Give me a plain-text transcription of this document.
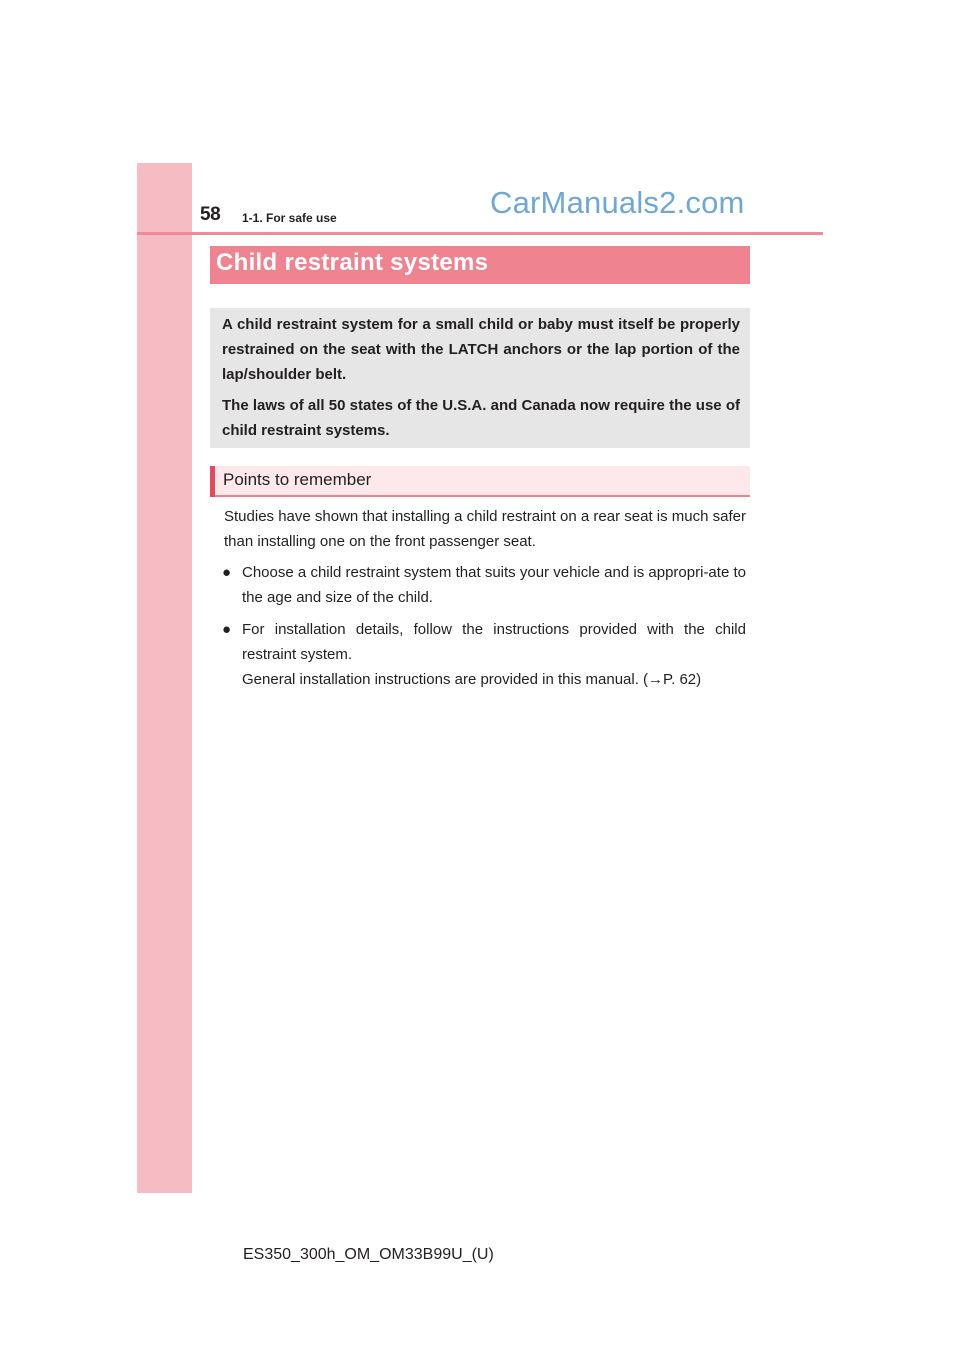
58 1-1. For safe use	CarManuals2.com
Child restraint systems
A child restraint system for a small child or baby must itself be properly restrained on the seat with the LATCH anchors or the lap portion of the lap/shoulder belt.
The laws of all 50 states of the U.S.A. and Canada now require the use of child restraint systems.
Points to remember
Studies have shown that installing a child restraint on a rear seat is much safer than installing one on the front passenger seat.
● Choose a child restraint system that suits your vehicle and is appropri-ate to the age and size of the child.
● For installation details, follow the instructions provided with the child restraint system.
General installation instructions are provided in this manual. (→P. 62)
ES350_300h_OM_OM33B99U_(U)
